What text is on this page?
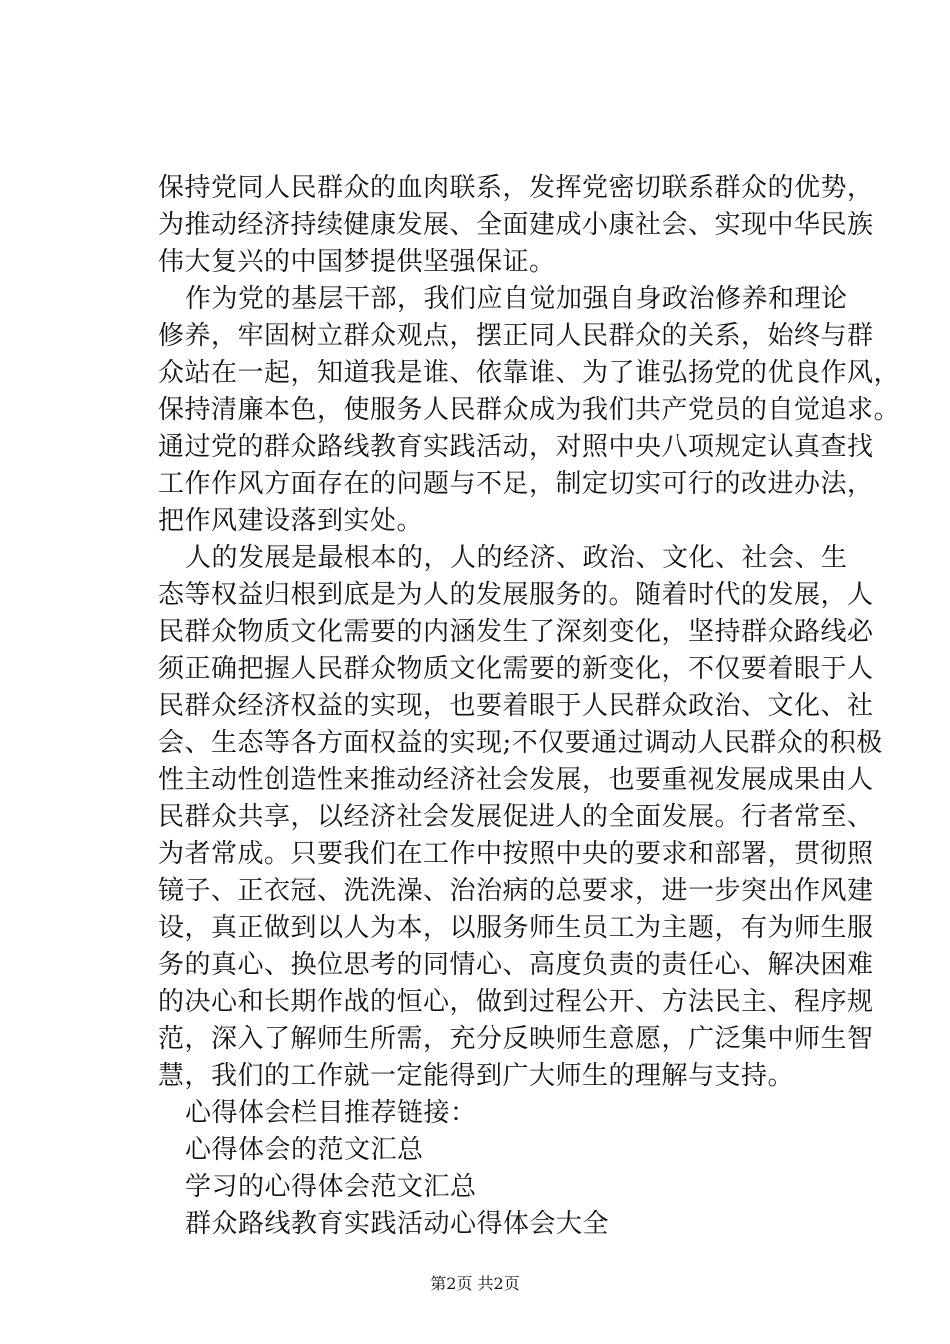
保持党同人民群众的血肉联系，发挥党密切联系群众的优势，
为推动经济持续健康发展、全面建成小康社会、实现中华民族
伟大复兴的中国梦提供坚强保证。
作为党的基层干部，我们应自觉加强自身政治修养和理论
修养，牢固树立群众观点，摆正同人民群众的关系，始终与群
众站在一起，知道我是谁、依靠谁、为了谁弘扬党的优良作风，
保持清廉本色，使服务人民群众成为我们共产党员的自觉追求。
通过党的群众路线教育实践活动，对照中央八项规定认真查找
工作作风方面存在的问题与不足，制定切实可行的改进办法，
把作风建设落到实处。
人的发展是最根本的，人的经济、政治、文化、社会、生
态等权益归根到底是为人的发展服务的。随着时代的发展，人
民群众物质文化需要的内涵发生了深刻变化，坚持群众路线必
须正确把握人民群众物质文化需要的新变化，不仅要着眼于人
民群众经济权益的实现，也要着眼于人民群众政治、文化、社
会、生态等各方面权益的实现;不仅要通过调动人民群众的积极
性主动性创造性来推动经济社会发展，也要重视发展成果由人
民群众共享，以经济社会发展促进人的全面发展。行者常至、
为者常成。只要我们在工作中按照中央的要求和部署，贯彻照
镜子、正衣冠、洗洗澡、治治病的总要求，进一步突出作风建
设，真正做到以人为本，以服务师生员工为主题，有为师生服
务的真心、换位思考的同情心、高度负责的责任心、解决困难
的决心和长期作战的恒心，做到过程公开、方法民主、程序规
范，深入了解师生所需，充分反映师生意愿，广泛集中师生智
慧，我们的工作就一定能得到广大师生的理解与支持。
心得体会栏目推荐链接：
心得体会的范文汇总
学习的心得体会范文汇总
群众路线教育实践活动心得体会大全
第2页 共2页
